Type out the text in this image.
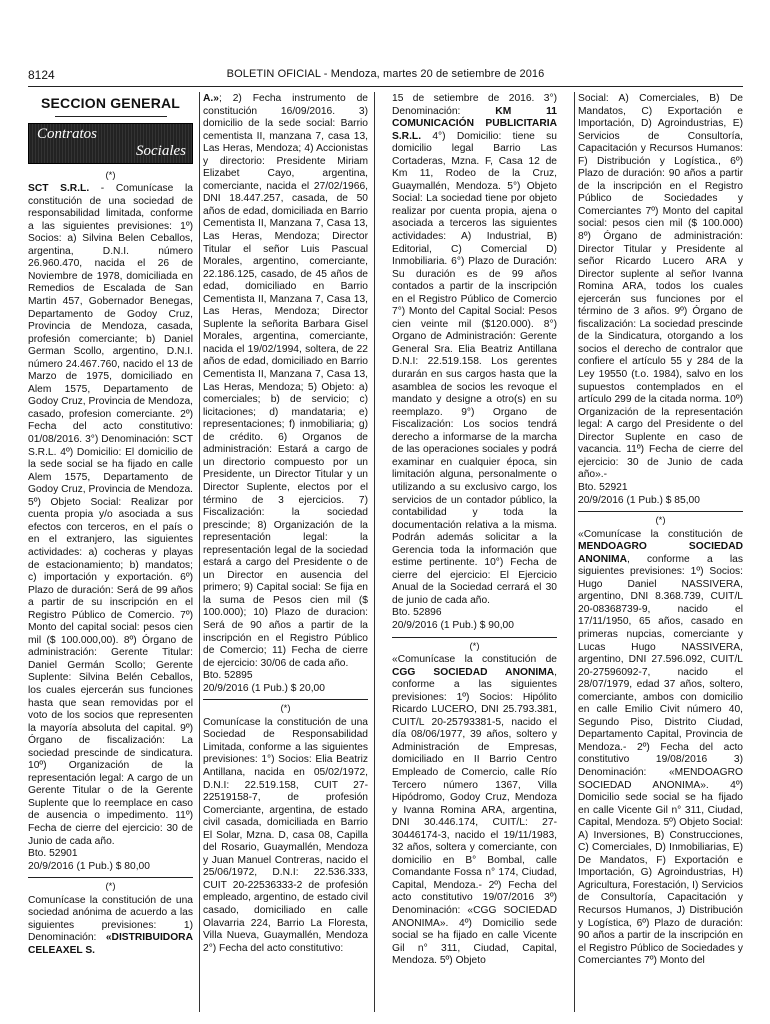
8124	BOLETIN OFICIAL - Mendoza, martes 20 de setiembre de 2016
SECCION GENERAL
Contratos
Sociales
(*)

SCT S.R.L. - Comunícase la constitución de una sociedad de responsabilidad limitada, conforme a las siguientes previsiones: 1º) Socios: a) Silvina Belen Ceballos, argentina, D.N.I. número 26.960.470, nacida el 26 de Noviembre de 1978, domiciliada en Remedios de Escalada de San Martin 457, Gobernador Benegas, Departamento de Godoy Cruz, Provincia de Mendoza, casada, profesión comerciante; b) Daniel German Scollo, argentino, D.N.I. número 24.467.760, nacido el 13 de Marzo de 1975, domiciliado en Alem 1575, Departamento de Godoy Cruz, Provincia de Mendoza, casado, profesion comerciante. 2º) Fecha del acto constitutivo: 01/08/2016. 3°) Denominación: SCT S.R.L. 4º) Domicilio: El domicilio de la sede social se ha fijado en calle Alem 1575, Departamento de Godoy Cruz, Provincia de Mendoza. 5º) Objeto Social: Realizar por cuenta propia y/o asociada a sus efectos con terceros, en el país o en el extranjero, las siguientes actividades: a) cocheras y playas de estacionamiento; b) mandatos; c) importación y exportación. 6º) Plazo de duración: Será de 99 años a partir de su inscripción en el Registro Público de Comercio. 7º) Monto del capital social: pesos cien mil ($ 100.000,00). 8º) Órgano de administración: Gerente Titular: Daniel Germán Scollo; Gerente Suplente: Silvina Belén Ceballos, los cuales ejercerán sus funciones hasta que sean removidas por el voto de los socios que representen la mayoría absoluta del capital. 9º) Órgano de fiscalización: La sociedad prescinde de sindicatura. 10º) Organización de la representación legal: A cargo de un Gerente Titular o de la Gerente Suplente que lo reemplace en caso de ausencia o impedimento. 11º) Fecha de cierre del ejercicio: 30 de Junio de cada año.

Bto. 52901

20/9/2016 (1 Pub.) $ 80,00

(*)

Comunícase la constitución de una sociedad anónima de acuerdo a las siguientes previsiones: 1) Denominación: «DISTRIBUIDORA CELEAXEL S.

A.»; 2) Fecha instrumento de constitución 16/09/2016. 3) domicilio de la sede social: Barrio cementista II, manzana 7, casa 13, Las Heras, Mendoza; 4) Accionistas y directorio: Presidente Miriam Elizabet Cayo, argentina, comerciante, nacida el 27/02/1966, DNI 18.447.257, casada, de 50 años de edad, domiciliada en Barrio Cementista II, Manzana 7, Casa 13, Las Heras, Mendoza; Director Titular el señor Luis Pascual Morales, argentino, comerciante, 22.186.125, casado, de 45 años de edad, domiciliado en Barrio Cementista II, Manzana 7, Casa 13, Las Heras, Mendoza; Director Suplente la señorita Barbara Gisel Morales, argentina, comerciante, nacida el 19/02/1994, soltera, de 22 años de edad, domiciliado en Barrio Cementista II, Manzana 7, Casa 13, Las Heras, Mendoza; 5) Objeto: a) comerciales; b) de servicio; c) licitaciones; d) mandataria; e) representaciones; f) inmobiliaria; g) de crédito. 6) Organos de administración: Estará a cargo de un directorio compuesto por un Presidente, un Director Titular y un Director Suplente, electos por el término de 3 ejercicios. 7) Fiscalización: la sociedad prescinde; 8) Organización de la representación legal: la representación legal de la sociedad estará a cargo del Presidente o de un Director en ausencia del primero; 9) Capital social: Se fija en la suma de Pesos cien mil ($ 100.000); 10) Plazo de duracion: Será de 90 años a partir de la inscripción en el Registro Público de Comercio; 11) Fecha de cierre de ejercicio: 30/06 de cada año.

Bto. 52895

20/9/2016 (1 Pub.) $ 20,00

(*)

Comunícase la constitución de una Sociedad de Responsabilidad Limitada, conforme a las siguientes previsiones: 1°) Socios: Elia Beatriz Antillana, nacida en 05/02/1972, D.N.I: 22.519.158, CUIT 27-22519158-7, de profesión Comerciante, argentina, de estado civil casada, domiciliada en Barrio El Solar, Mzna. D, casa 08, Capilla del Rosario, Guaymallén, Mendoza y Juan Manuel Contreras, nacido el 25/06/1972, D.N.I: 22.536.333, CUIT 20-22536333-2 de profesión empleado, argentino, de estado civil casado, domiciliado en calle Olavarria 224, Barrio La Floresta, Villa Nueva, Guaymallén, Mendoza 2°) Fecha del acto constitutivo:

15 de setiembre de 2016. 3°) Denominación: KM 11 COMUNICACIÓN PUBLICITARIA S.R.L. 4°) Domicilio: tiene su domicilio legal Barrio Las Cortaderas, Mzna. F, Casa 12 de Km 11, Rodeo de la Cruz, Guaymallén, Mendoza. 5°) Objeto Social: La sociedad tiene por objeto realizar por cuenta propia, ajena o asociada a terceros las siguientes actividades: A) Industrial, B) Editorial, C) Comercial D) Inmobiliaria. 6°) Plazo de Duración: Su duración es de 99 años contados a partir de la inscripción en el Registro Público de Comercio 7°) Monto del Capital Social: Pesos cien veinte mil ($120.000). 8°) Organo de Administración: Gerente General Sra. Elia Beatriz Antillana D.N.I: 22.519.158. Los gerentes durarán en sus cargos hasta que la asamblea de socios les revoque el mandato y designe a otro(s) en su reemplazo. 9°) Organo de Fiscalización: Los socios tendrá derecho a informarse de la marcha de las operaciones sociales y podrá examinar en cualquier época, sin limitación alguna, personalmente o utilizando a su exclusivo cargo, los servicios de un contador público, la contabilidad y toda la documentación relativa a la misma. Podrán además solicitar a la Gerencia toda la información que estime pertinente. 10°) Fecha de cierre del ejercicio: El Ejercicio Anual de la Sociedad cerrará el 30 de junio de cada año.

Bto. 52896

20/9/2016 (1 Pub.) $ 90,00

(*)

«Comunícase la constitución de CGG SOCIEDAD ANONIMA, conforme a las siguientes previsiones: 1º) Socios: Hipólito Ricardo LUCERO, DNI 25.793.381, CUIT/L 20-25793381-5, nacido el día 08/06/1977, 39 años, soltero y Administración de Empresas, domiciliado en II Barrio Centro Empleado de Comercio, calle Río Tercero número 1367, Villa Hipódromo, Godoy Cruz, Mendoza y Ivanna Romina ARA, argentina, DNI 30.446.174, CUIT/L: 27-30446174-3, nacido el 19/11/1983, 32 años, soltera y comerciante, con domicilio en B° Bombal, calle Comandante Fossa n° 174, Ciudad, Capital, Mendoza.- 2º) Fecha del acto constitutivo 19/07/2016 3º) Denominación: «CGG SOCIEDAD ANONIMA». 4º) Domicilio sede social se ha fijado en calle Vicente Gil n° 311, Ciudad, Capital, Mendoza. 5º) Objeto

Social: A) Comerciales, B) De Mandatos, C) Exportación e Importación, D) Agroindustrias, E) Servicios de Consultoría, Capacitación y Recursos Humanos: F) Distribución y Logística., 6º) Plazo de duración: 90 años a partir de la inscripción en el Registro Público de Sociedades y Comerciantes 7º) Monto del capital social: pesos cien mil ($ 100.000) 8º) Órgano de administración: Director Titular y Presidente al señor Ricardo Lucero ARA y Director suplente al señor Ivanna Romina ARA, todos los cuales ejercerán sus funciones por el término de 3 años. 9º) Órgano de fiscalización: La sociedad prescinde de la Sindicatura, otorgando a los socios el derecho de contralor que confiere el artículo 55 y 284 de la Ley 19550 (t.o. 1984), salvo en los supuestos contemplados en el artículo 299 de la citada norma. 10º) Organización de la representación legal: A cargo del Presidente o del Director Suplente en caso de vacancia. 11º) Fecha de cierre del ejercicio: 30 de Junio de cada año».-

Bto. 52921

20/9/2016 (1 Pub.) $ 85,00

(*)

«Comunícase la constitución de MENDOAGRO SOCIEDAD ANONIMA, conforme a las siguientes previsiones: 1º) Socios: Hugo Daniel NASSIVERA, argentino, DNI 8.368.739, CUIT/L 20-08368739-9, nacido el 17/11/1950, 65 años, casado en primeras nupcias, comerciante y Lucas Hugo NASSIVERA, argentino, DNI 27.596.092, CUIT/L 20-27596092-7, nacido el 28/07/1979, edad 37 años, soltero, comerciante, ambos con domicilio en calle Emilio Civit número 40, Segundo Piso, Distrito Ciudad, Departamento Capital, Provincia de Mendoza.- 2º) Fecha del acto constitutivo 19/08/2016 3) Denominación: «MENDOAGRO SOCIEDAD ANONIMA». 4º) Domicilio sede social se ha fijado en calle Vicente Gil n° 311, Ciudad, Capital, Mendoza. 5º) Objeto Social: A) Inversiones, B) Construcciones, C) Comerciales, D) Inmobiliarias, E) De Mandatos, F) Exportación e Importación, G) Agroindustrias, H) Agricultura, Forestación, I) Servicios de Consultoría, Capacitación y Recursos Humanos, J) Distribución y Logística, 6º) Plazo de duración: 90 años a partir de la inscripción en el Registro Público de Sociedades y Comerciantes 7º) Monto del
